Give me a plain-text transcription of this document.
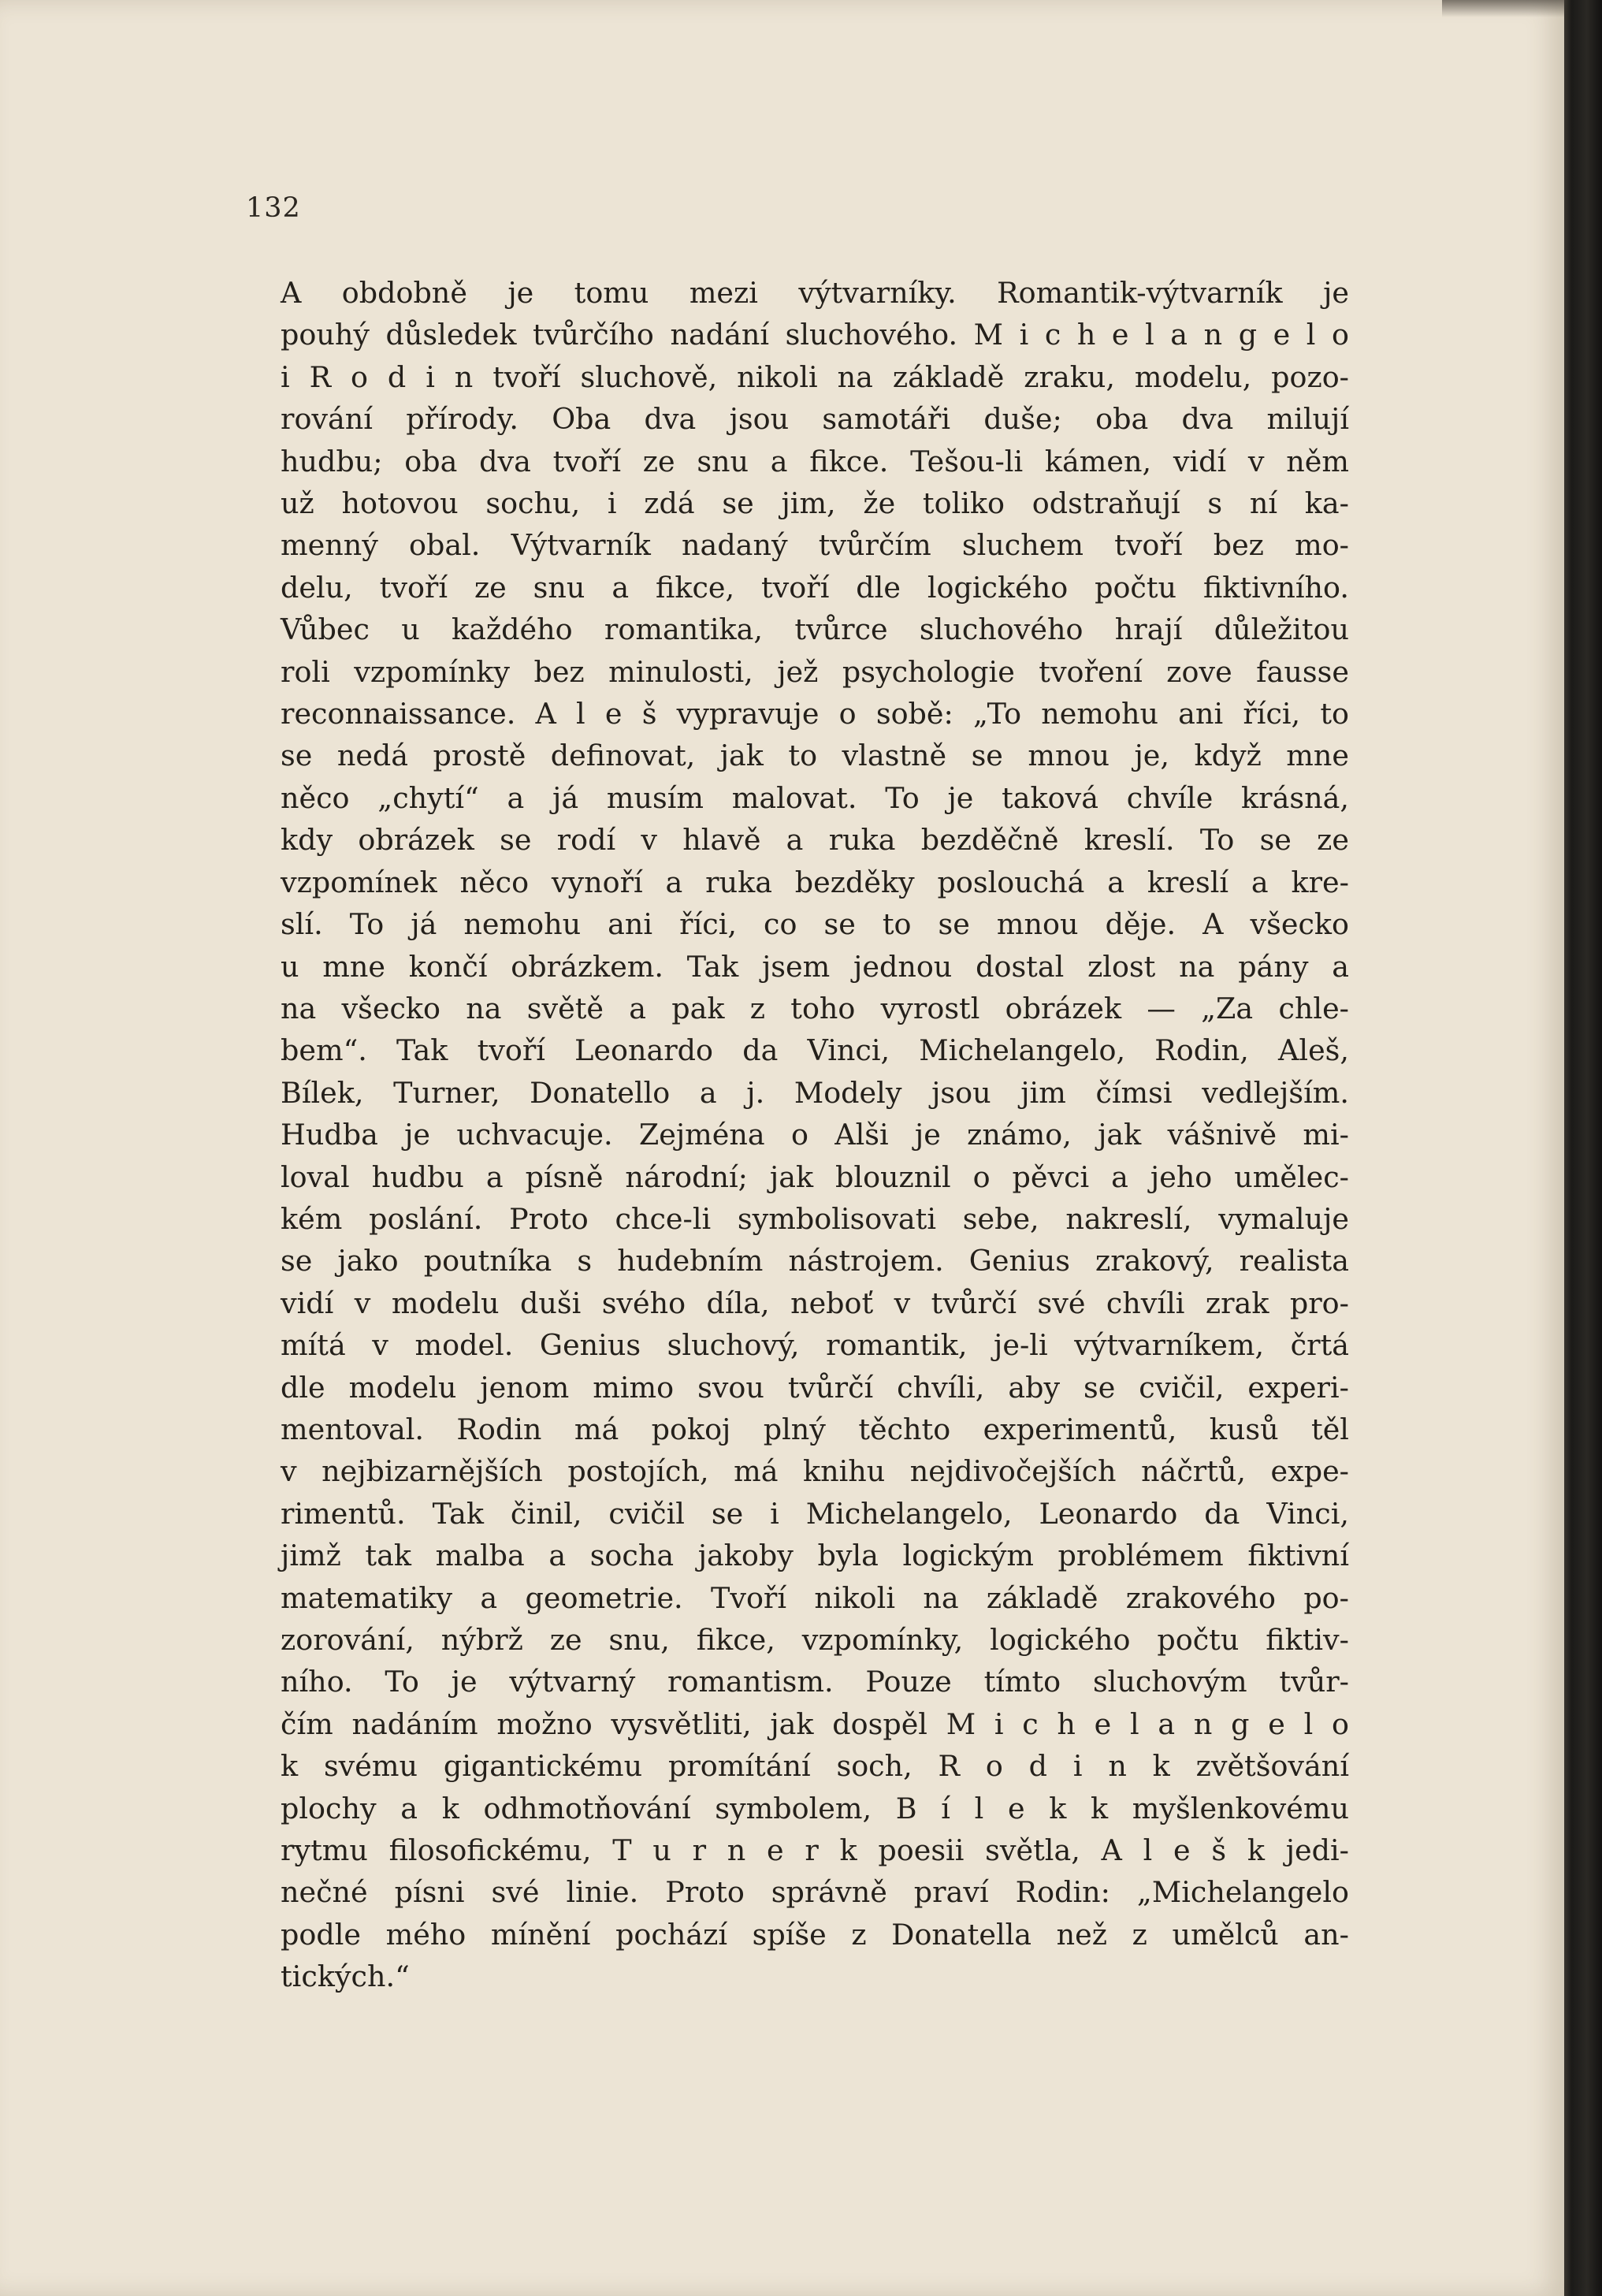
132
A obdobně je tomu mezi výtvarníky. Romantik-výtvarník je
pouhý důsledek tvůrčího nadání sluchového. M i c h e l a n g e l o
i R o d i n tvoří sluchově, nikoli na základě zraku, modelu, pozo-
rování přírody. Oba dva jsou samotáři duše; oba dva milují
hudbu; oba dva tvoří ze snu a fikce. Tešou-li kámen, vidí v něm
už hotovou sochu, i zdá se jim, že toliko odstraňují s ní ka-
menný obal. Výtvarník nadaný tvůrčím sluchem tvoří bez mo-
delu, tvoří ze snu a fikce, tvoří dle logického počtu fiktivního.
Vůbec u každého romantika, tvůrce sluchového hrají důležitou
roli vzpomínky bez minulosti, jež psychologie tvoření zove fausse
reconnaissance. A l e š vypravuje o sobě: „To nemohu ani říci, to
se nedá prostě definovat, jak to vlastně se mnou je, když mne
něco „chytí“ a já musím malovat. To je taková chvíle krásná,
kdy obrázek se rodí v hlavě a ruka bezděčně kreslí. To se ze
vzpomínek něco vynoří a ruka bezděky poslouchá a kreslí a kre-
slí. To já nemohu ani říci, co se to se mnou děje. A všecko
u mne končí obrázkem. Tak jsem jednou dostal zlost na pány a
na všecko na světě a pak z toho vyrostl obrázek — „Za chle-
bem“. Tak tvoří Leonardo da Vinci, Michelangelo, Rodin, Aleš,
Bílek, Turner, Donatello a j. Modely jsou jim čímsi vedlejším.
Hudba je uchvacuje. Zejména o Alši je známo, jak vášnivě mi-
loval hudbu a písně národní; jak blouznil o pěvci a jeho umělec-
kém poslání. Proto chce-li symbolisovati sebe, nakreslí, vymaluje
se jako poutníka s hudebním nástrojem. Genius zrakový, realista
vidí v modelu duši svého díla, neboť v tvůrčí své chvíli zrak pro-
mítá v model. Genius sluchový, romantik, je-li výtvarníkem, črtá
dle modelu jenom mimo svou tvůrčí chvíli, aby se cvičil, experi-
mentoval. Rodin má pokoj plný těchto experimentů, kusů těl
v nejbizarnějších postojích, má knihu nejdivočejších náčrtů, expe-
rimentů. Tak činil, cvičil se i Michelangelo, Leonardo da Vinci,
jimž tak malba a socha jakoby byla logickým problémem fiktivní
matematiky a geometrie. Tvoří nikoli na základě zrakového po-
zorování, nýbrž ze snu, fikce, vzpomínky, logického počtu fiktiv-
ního. To je výtvarný romantism. Pouze tímto sluchovým tvůr-
čím nadáním možno vysvětliti, jak dospěl M i c h e l a n g e l o
k svému gigantickému promítání soch, R o d i n k zvětšování
plochy a k odhmotňování symbolem, B í l e k k myšlenkovému
rytmu filosofickému, T u r n e r k poesii světla, A l e š k jedi-
nečné písni své linie. Proto správně praví Rodin: „Michelangelo
podle mého mínění pochází spíše z Donatella než z umělců an-
tických.“
